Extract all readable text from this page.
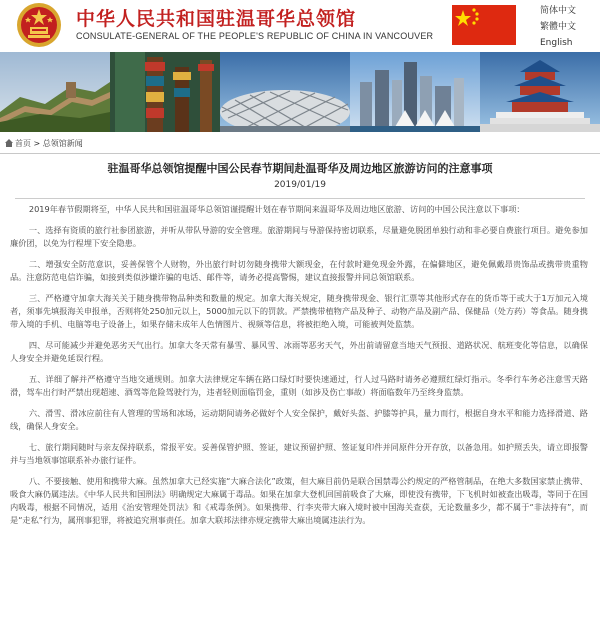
中华人民共和国驻温哥华总领馆
CONSULATE-GENERAL OF THE PEOPLE'S REPUBLIC OF CHINA IN VANCOUVER
简体中文
繁體中文
English
首页 > 总领馆新闻
驻温哥华总领馆提醒中国公民春节期间赴温哥华及周边地区旅游访问的注意事项
2019/01/19

2019年春节假期将至，中华人民共和国驻温哥华总领馆谨提醒计划在春节期间来温哥华及周边地区旅游、访问的中国公民注意以下事项：

一、选择有资质的旅行社参团旅游，并听从带队导游的安全管理。旅游期间与导游保持密切联系，尽量避免脱团单独行动和非必要自费旅行项目。避免参加廉价团，以免为行程埋下安全隐患。

二、增强安全防范意识，妥善保管个人财物，外出旅行时切勿随身携带大额现金，在付款时避免现金外露，在偏僻地区，避免佩戴昂贵饰品或携带贵重物品。注意防范电信诈骗，如接到类似涉嫌诈骗的电话、邮件等，请务必提高警惕，建议直接报警并同总领馆联系。

三、严格遵守加拿大海关关于随身携带物品种类和数量的规定。加拿大海关规定，随身携带现金、银行汇票等其他形式存在的货币等于或大于1万加元入境者，须事先填报海关申报单，否则将处250加元以上，5000加元以下的罚款。严禁携带植物产品及种子、动物产品及副产品、保健品（处方药）等食品。随身携带入境的手机、电脑等电子设备上，如果存储未成年人色情图片、视频等信息，将被拒绝入境，可能被判处监禁。

四、尽可能减少并避免恶劣天气出行。加拿大冬天常有暴雪、暴风雪、冰雨等恶劣天气，外出前请留意当地天气预报、道路状况、航班变化等信息，以确保人身安全并避免延误行程。

五、详细了解并严格遵守当地交通规则。加拿大法律规定车辆在路口绿灯时要快速通过，行人过马路时请务必遵照红绿灯指示。冬季行车务必注意雪天路滑，驾车出行时严禁出现超速、酒驾等危险驾驶行为，违者轻则面临罚金，重则（如涉及伤亡事故）将面临数年乃至终身监禁。

六、滑雪、滑冰应前往有人管理的雪场和冰场，运动期间请务必做好个人安全保护，戴好头盔、护膝等护具，量力而行，根据自身水平和能力选择滑道、路线，确保人身安全。

七、旅行期间随时与亲友保持联系，常报平安。妥善保管护照、签证，建议预留护照、签证复印件并同原件分开存放，以备急用。如护照丢失，请立即报警并与当地领事馆联系补办旅行证件。

八、不要接触、使用和携带大麻。虽然加拿大已经实施“大麻合法化”政策，但大麻目前仍是联合国禁毒公约规定的严格管制品，在绝大多数国家禁止携带、吸食大麻仍属违法。《中华人民共和国刑法》明确规定大麻属于毒品。如果在加拿大登机回国前吸食了大麻，即使没有携带，下飞机时如被查出吸毒，等同于在国内吸毒，根据不同情况，适用《治安管理处罚法》和《戒毒条例》。如果携带、行李夹带大麻入境时被中国海关查获，无论数量多少，都不属于“非法持有”，而是“走私”行为，属刑事犯罪，将被追究刑事责任。加拿大联邦法律亦规定携带大麻出境属违法行为。
